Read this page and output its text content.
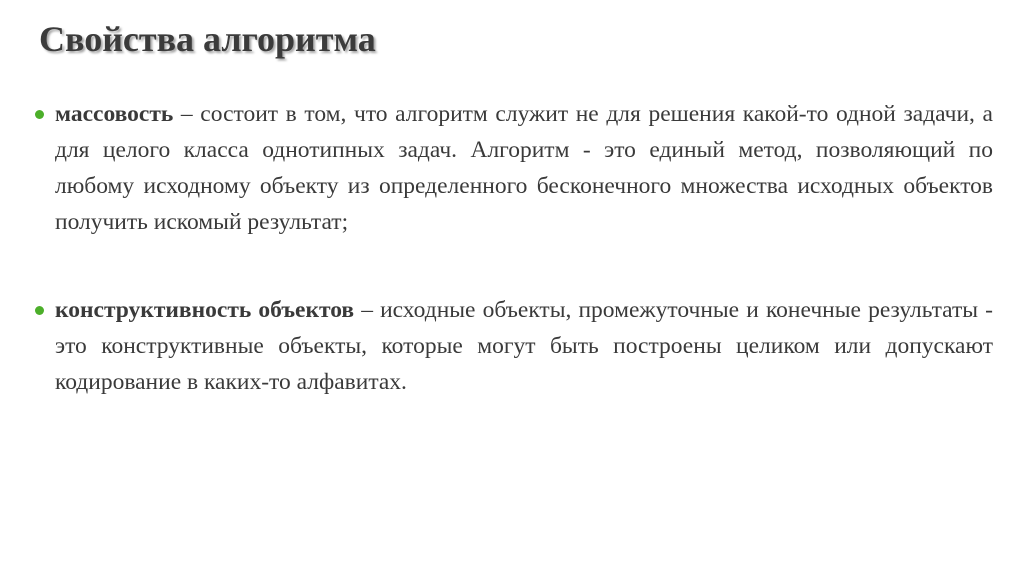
Свойства алгоритма
массовость – состоит в том, что алгоритм служит не для решения какой-то одной задачи, а для целого класса однотипных задач. Алгоритм - это единый метод, позволяющий по любому исходному объекту из определенного бесконечного множества исходных объектов получить искомый результат;
конструктивность объектов – исходные объекты, промежуточные и конечные результаты - это конструктивные объекты, которые могут быть построены целиком или допускают кодирование в каких-то алфавитах.
